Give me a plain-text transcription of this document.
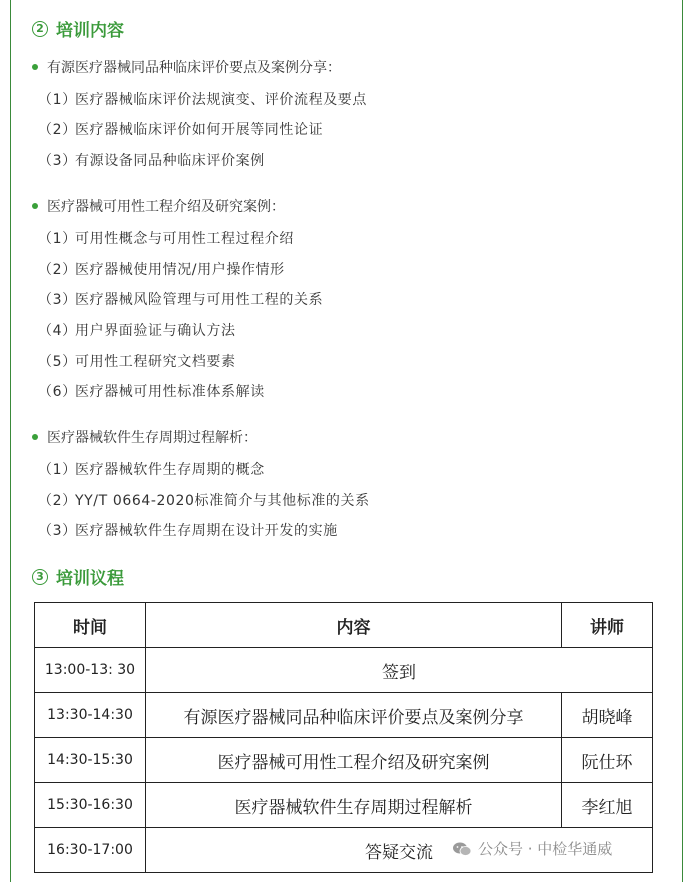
2 培训内容
有源医疗器械同品种临床评价要点及案例分享：
（1）医疗器械临床评价法规演变、评价流程及要点
（2）医疗器械临床评价如何开展等同性论证
（3）有源设备同品种临床评价案例
医疗器械可用性工程介绍及研究案例：
（1）可用性概念与可用性工程过程介绍
（2）医疗器械使用情况/用户操作情形
（3）医疗器械风险管理与可用性工程的关系
（4）用户界面验证与确认方法
（5）可用性工程研究文档要素
（6）医疗器械可用性标准体系解读
医疗器械软件生存周期过程解析：
（1）医疗器械软件生存周期的概念
（2）YY/T 0664-2020标准简介与其他标准的关系
（3）医疗器械软件生存周期在设计开发的实施
3 培训议程
时间	内容	讲师
13:00-13: 30	签到	
13:30-14:30	有源医疗器械同品种临床评价要点及案例分享	胡晓峰
14:30-15:30	医疗器械可用性工程介绍及研究案例	阮仕环
15:30-16:30	医疗器械软件生存周期过程解析	李红旭
16:30-17:00	答疑交流		公众号 · 中检华通威
